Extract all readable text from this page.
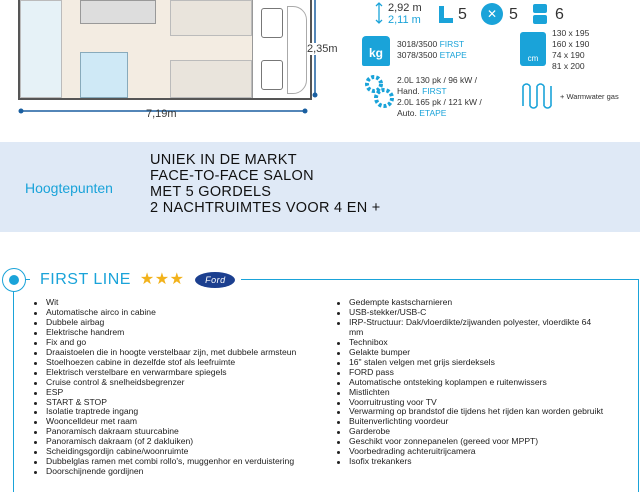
7,19m
2,35m
2,92 m
2,11 m 5	✕ 5 6
kg
3018/3500 FIRST
3078/3500 ETAPE
2.0L 130 pk / 96 kW /
Hand. FIRST
2.0L 165 pk / 121 kW /
Auto. ETAPE
cm
130 x 195
160 x 190
74 x 190
81 x 200
+ Warmwater gas
Hoogtepunten
UNIEK IN DE MARKT
FACE-TO-FACE SALON
MET 5 GORDELS
2 NACHTRUIMTES VOOR 4 EN +
FIRST LINE ★★★ Ford
Wit
Automatische airco in cabine
Dubbele airbag
Elektrische handrem
Fix and go
Draaistoelen die in hoogte verstelbaar zijn, met dubbele armsteun
Stoelhoezen cabine in dezelfde stof als leefruimte
Elektrisch verstelbare en verwarmbare spiegels
Cruise control & snelheidsbegrenzer
ESP
START & STOP
Isolatie traptrede ingang
Wooncelldeur met raam
Panoramisch dakraam stuurcabine
Panoramisch dakraam (of 2 dakluiken)
Scheidingsgordijn cabine/woonruimte
Dubbelglas ramen met combi rollo's, muggenhor en verduistering
Doorschijnende gordijnen
Gedempte kastscharnieren
USB-stekker/USB-C
IRP-Structuur: Dak/vloerdikte/zijwanden polyester, vloerdikte 64
mm
Technibox
Gelakte bumper
16" stalen velgen met grijs sierdeksels
FORD pass
Automatische ontsteking koplampen e ruitenwissers
Mistlichten
Voorruitrusting voor TV
Verwarming op brandstof die tijdens het rijden kan worden gebruikt
Buitenverlichting voordeur
Garderobe
Geschikt voor zonnepanelen (gereed voor MPPT)
Voorbedrading achteruitrijcamera
Isofix trekankers
